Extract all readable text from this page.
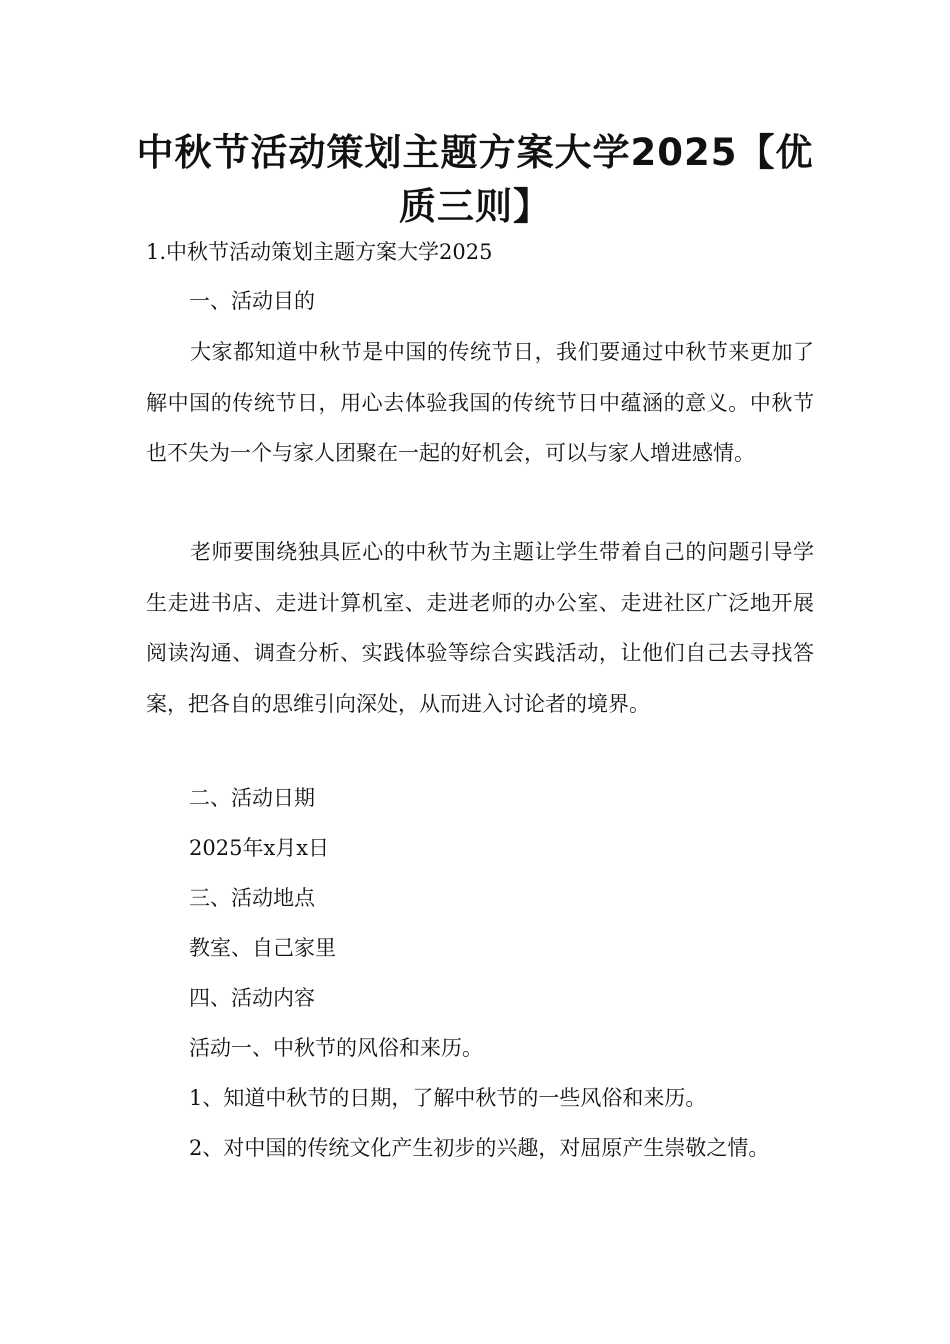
中秋节活动策划主题方案大学2025【优质三则】

1.中秋节活动策划主题方案大学2025

一、活动目的

大家都知道中秋节是中国的传统节日，我们要通过中秋节来更加了解中国的传统节日，用心去体验我国的传统节日中蕴涵的意义。中秋节也不失为一个与家人团聚在一起的好机会，可以与家人增进感情。

老师要围绕独具匠心的中秋节为主题让学生带着自己的问题引导学生走进书店、走进计算机室、走进老师的办公室、走进社区广泛地开展阅读沟通、调查分析、实践体验等综合实践活动，让他们自己去寻找答案，把各自的思维引向深处，从而进入讨论者的境界。

二、活动日期

2025年x月x日

三、活动地点

教室、自己家里

四、活动内容

活动一、中秋节的风俗和来历。

1、知道中秋节的日期，了解中秋节的一些风俗和来历。

2、对中国的传统文化产生初步的兴趣，对屈原产生崇敬之情。
